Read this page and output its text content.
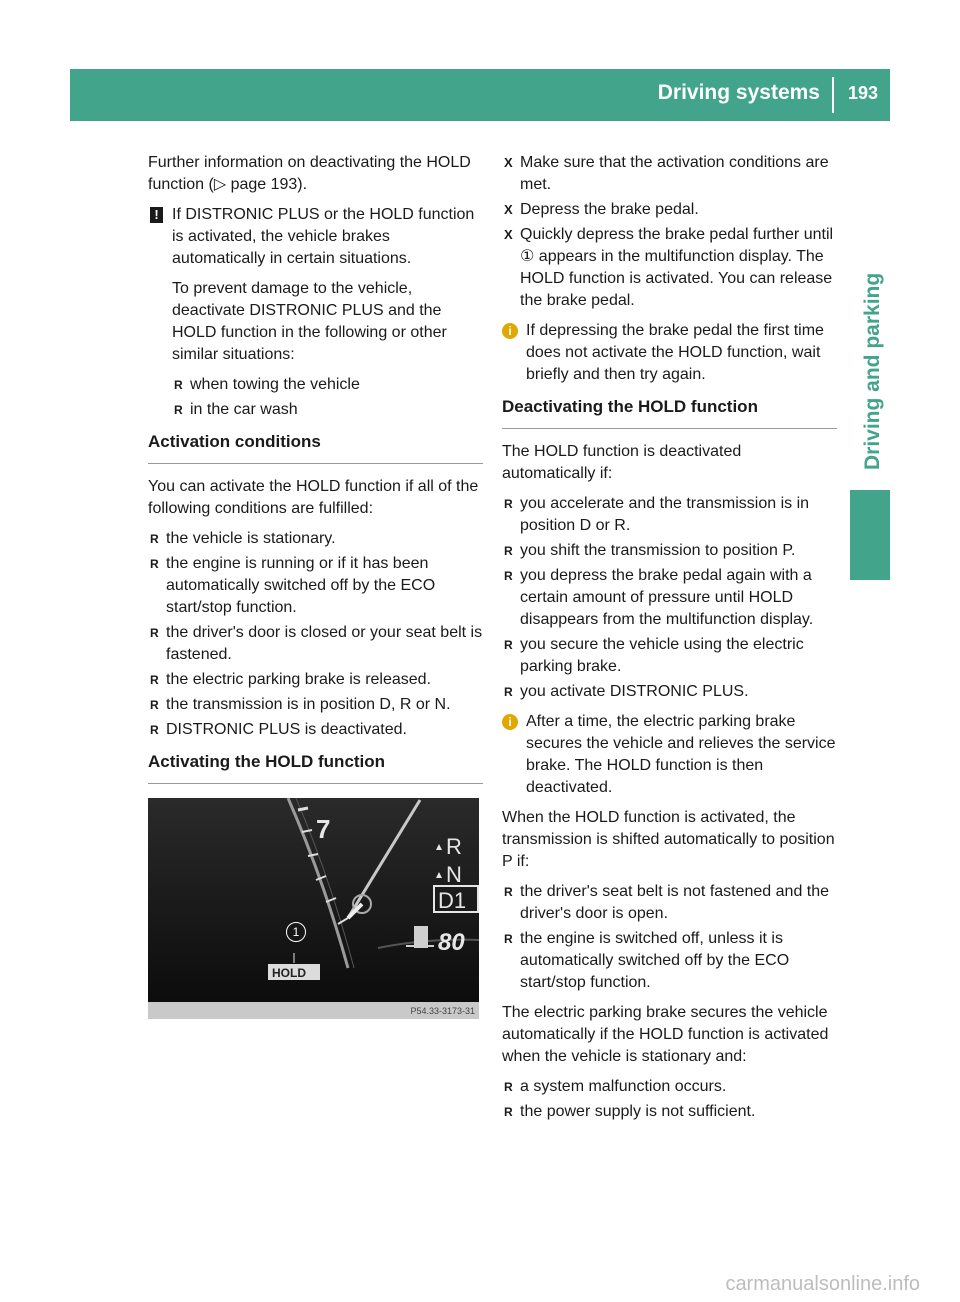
Driving systems	193
Driving and parking

Further information on deactivating the HOLD function (▷ page 193).

! If DISTRONIC PLUS or the HOLD function is activated, the vehicle brakes automatically in certain situations.

To prevent damage to the vehicle, deactivate DISTRONIC PLUS and the HOLD function in the following or other similar situations:

R when towing the vehicle
R in the car wash
Activation conditions

You can activate the HOLD function if all of the following conditions are fulfilled:

R the vehicle is stationary.
R the engine is running or if it has been automatically switched off by the ECO start/stop function.
R the driver's door is closed or your seat belt is fastened.
R the electric parking brake is released.
R the transmission is in position D, R or N.
R DISTRONIC PLUS is deactivated.
Activating the HOLD function
7
R
N
D1
80
HOLD
P54.33-3173-31
1
X Make sure that the activation conditions are met.
X Depress the brake pedal.
X Quickly depress the brake pedal further until ① appears in the multifunction display. The HOLD function is activated. You can release the brake pedal.
i If depressing the brake pedal the first time does not activate the HOLD function, wait briefly and then try again.
Deactivating the HOLD function

The HOLD function is deactivated automatically if:

R you accelerate and the transmission is in position D or R.
R you shift the transmission to position P.
R you depress the brake pedal again with a certain amount of pressure until HOLD disappears from the multifunction display.
R you secure the vehicle using the electric parking brake.
R you activate DISTRONIC PLUS.
i After a time, the electric parking brake secures the vehicle and relieves the service brake. The HOLD function is then deactivated.

When the HOLD function is activated, the transmission is shifted automatically to position P if:

R the driver's seat belt is not fastened and the driver's door is open.
R the engine is switched off, unless it is automatically switched off by the ECO start/stop function.

The electric parking brake secures the vehicle automatically if the HOLD function is activated when the vehicle is stationary and:

R a system malfunction occurs.
R the power supply is not sufficient.
carmanualsonline.info
